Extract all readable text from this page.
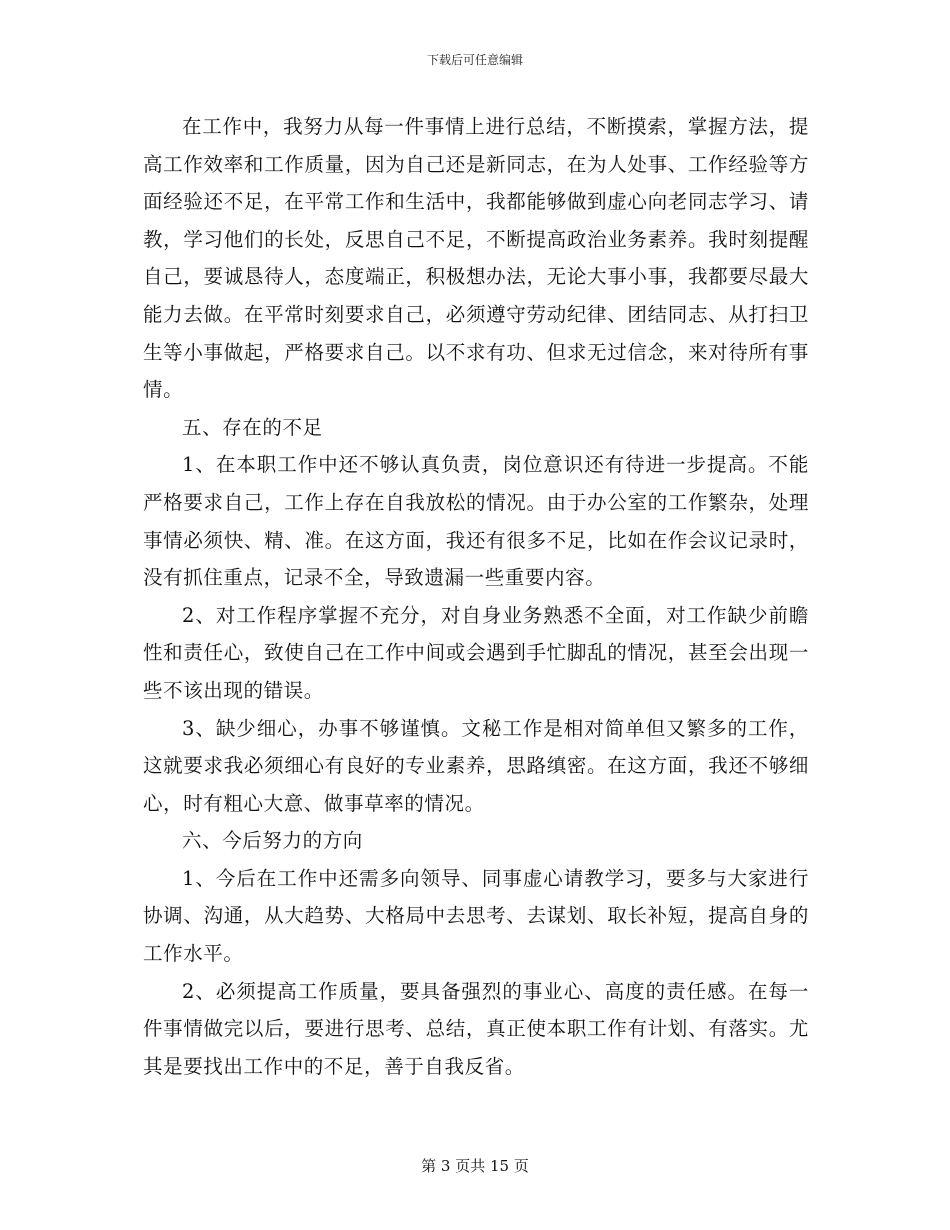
下载后可任意编辑

在工作中，我努力从每一件事情上进行总结，不断摸索，掌握方法，提高工作效率和工作质量，因为自己还是新同志，在为人处事、工作经验等方面经验还不足，在平常工作和生活中，我都能够做到虚心向老同志学习、请教，学习他们的长处，反思自己不足，不断提高政治业务素养。我时刻提醒自己，要诚恳待人，态度端正，积极想办法，无论大事小事，我都要尽最大能力去做。在平常时刻要求自己，必须遵守劳动纪律、团结同志、从打扫卫生等小事做起，严格要求自己。以不求有功、但求无过信念，来对待所有事情。

五、存在的不足

1、在本职工作中还不够认真负责，岗位意识还有待进一步提高。不能严格要求自己，工作上存在自我放松的情况。由于办公室的工作繁杂，处理事情必须快、精、准。在这方面，我还有很多不足，比如在作会议记录时，没有抓住重点，记录不全，导致遗漏一些重要内容。

2、对工作程序掌握不充分，对自身业务熟悉不全面，对工作缺少前瞻性和责任心，致使自己在工作中间或会遇到手忙脚乱的情况，甚至会出现一些不该出现的错误。

3、缺少细心，办事不够谨慎。文秘工作是相对简单但又繁多的工作，这就要求我必须细心有良好的专业素养，思路缜密。在这方面，我还不够细心，时有粗心大意、做事草率的情况。

六、今后努力的方向

1、今后在工作中还需多向领导、同事虚心请教学习，要多与大家进行协调、沟通，从大趋势、大格局中去思考、去谋划、取长补短，提高自身的工作水平。

2、必须提高工作质量，要具备强烈的事业心、高度的责任感。在每一件事情做完以后，要进行思考、总结，真正使本职工作有计划、有落实。尤其是要找出工作中的不足，善于自我反省。

第 3 页共 15 页
